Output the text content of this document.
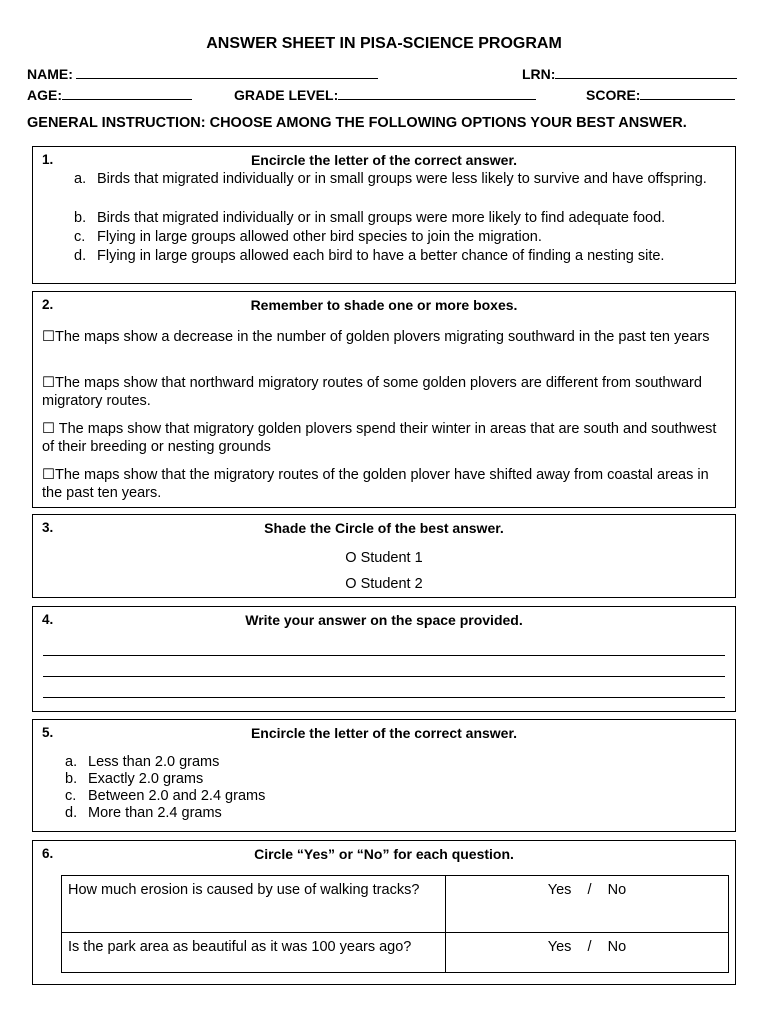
ANSWER SHEET IN PISA-SCIENCE PROGRAM
NAME:	LRN:
AGE:	GRADE LEVEL:	SCORE:
GENERAL INSTRUCTION: CHOOSE AMONG THE FOLLOWING OPTIONS YOUR BEST ANSWER.
1.	Encircle the letter of the correct answer.
a. Birds that migrated individually or in small groups were less likely to survive and have offspring.
b. Birds that migrated individually or in small groups were more likely to find adequate food.
c. Flying in large groups allowed other bird species to join the migration.
d. Flying in large groups allowed each bird to have a better chance of finding a nesting site.
2.	Remember to shade one or more boxes.
☐The maps show a decrease in the number of golden plovers migrating southward in the past ten years
☐The maps show that northward migratory routes of some golden plovers are different from southward migratory routes.
☐ The maps show that migratory golden plovers spend their winter in areas that are south and southwest of their breeding or nesting grounds
☐The maps show that the migratory routes of the golden plover have shifted away from coastal areas in the past ten years.
3.	Shade the Circle of the best answer.
O Student 1
O Student 2
4.	Write your answer on the space provided.
5.	Encircle the letter of the correct answer.
a. Less than 2.0 grams
b. Exactly 2.0 grams
c. Between 2.0 and 2.4 grams
d. More than 2.4 grams
6.	Circle “Yes” or “No” for each question.
How much erosion is caused by use of walking tracks?	Yes    /    No
Is the park area as beautiful as it was 100 years ago?	Yes    /    No
